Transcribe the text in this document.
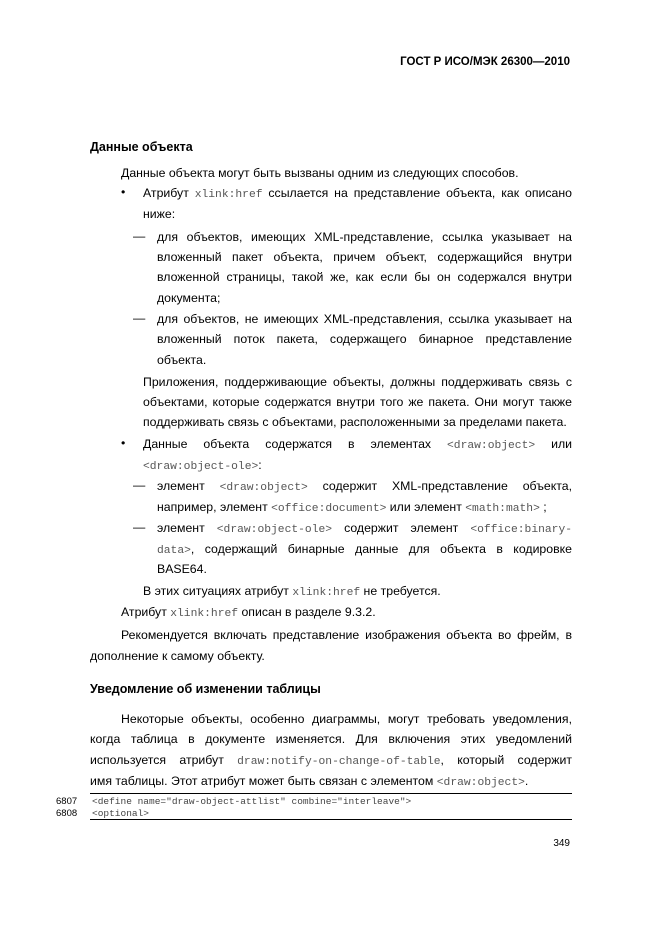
ГОСТ Р ИСО/МЭК 26300—2010
Данные объекта
Данные объекта могут быть вызваны одним из следующих способов.
• Атрибут xlink:href ссылается на представление объекта, как описано
ниже:
— для объектов, имеющих XML-представление, ссылка указывает на
вложенный пакет объекта, причем объект, содержащийся внутри
вложенной страницы, такой же, как если бы он содержался внутри
документа;
— для объектов, не имеющих XML-представления, ссылка указывает на
вложенный поток пакета, содержащего бинарное представление
объекта.
Приложения, поддерживающие объекты, должны поддерживать связь с
объектами, которые содержатся внутри того же пакета. Они могут также
поддерживать связь с объектами, расположенными за пределами пакета.
• Данные объекта содержатся в элементах <draw:object> или
<draw:object-ole>:
— элемент <draw:object> содержит XML-представление объекта,
например, элемент <office:document> или элемент <math:math> ;
— элемент <draw:object-ole> содержит элемент <office:binary-
data>, содержащий бинарные данные для объекта в кодировке
BASE64.
В этих ситуациях атрибут xlink:href не требуется.
Атрибут xlink:href описан в разделе 9.3.2.
Рекомендуется включать представление изображения объекта во фрейм, в
дополнение к самому объекту.
Уведомление об изменении таблицы
Некоторые объекты, особенно диаграммы, могут требовать уведомления,
когда таблица в документе изменяется. Для включения этих уведомлений
используется атрибут draw:notify-on-change-of-table, который содержит
имя таблицы. Этот атрибут может быть связан с элементом <draw:object>.
6807 <define name="draw-object-attlist" combine="interleave">
6808 <optional>
349
